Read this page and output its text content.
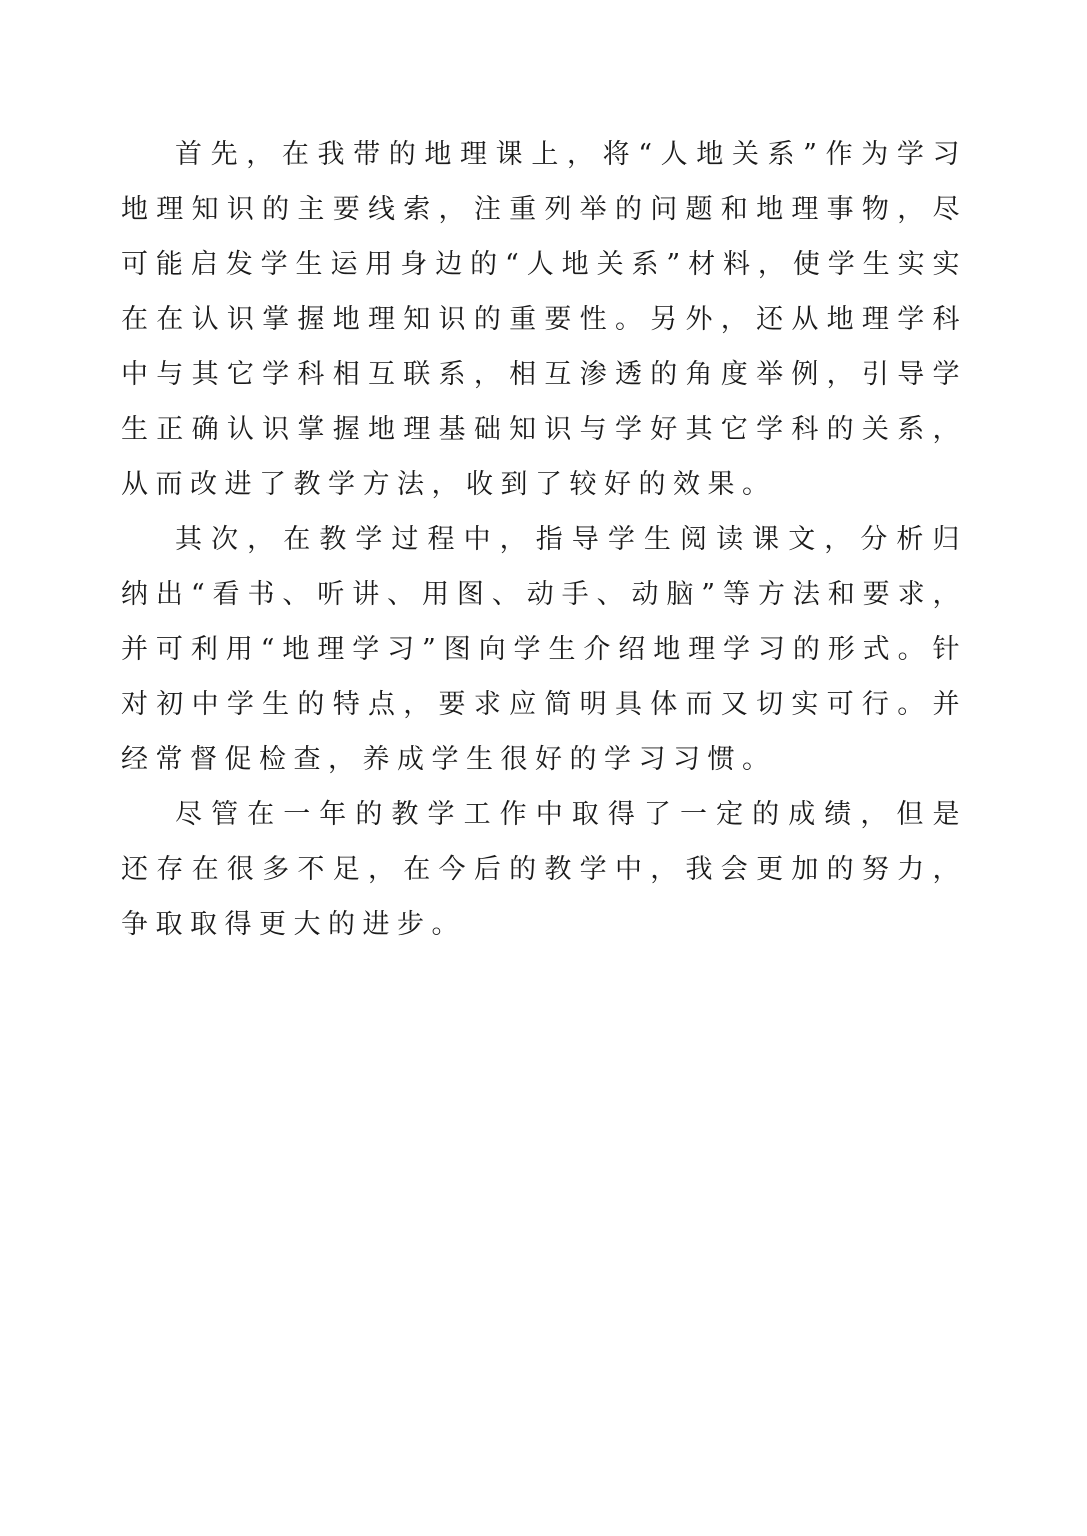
首先，在我带的地理课上，将“人地关系”作为学习地理知识的主要线索，注重列举的问题和地理事物，尽可能启发学生运用身边的“人地关系”材料，使学生实实在在认识掌握地理知识的重要性。另外，还从地理学科中与其它学科相互联系，相互渗透的角度举例，引导学生正确认识掌握地理基础知识与学好其它学科的关系，从而改进了教学方法，收到了较好的效果。

其次，在教学过程中，指导学生阅读课文，分析归纳出“看书、听讲、用图、动手、动脑”等方法和要求，并可利用“地理学习”图向学生介绍地理学习的形式。针对初中学生的特点，要求应简明具体而又切实可行。并经常督促检查，养成学生很好的学习习惯。

尽管在一年的教学工作中取得了一定的成绩，但是还存在很多不足，在今后的教学中，我会更加的努力，争取取得更大的进步。
